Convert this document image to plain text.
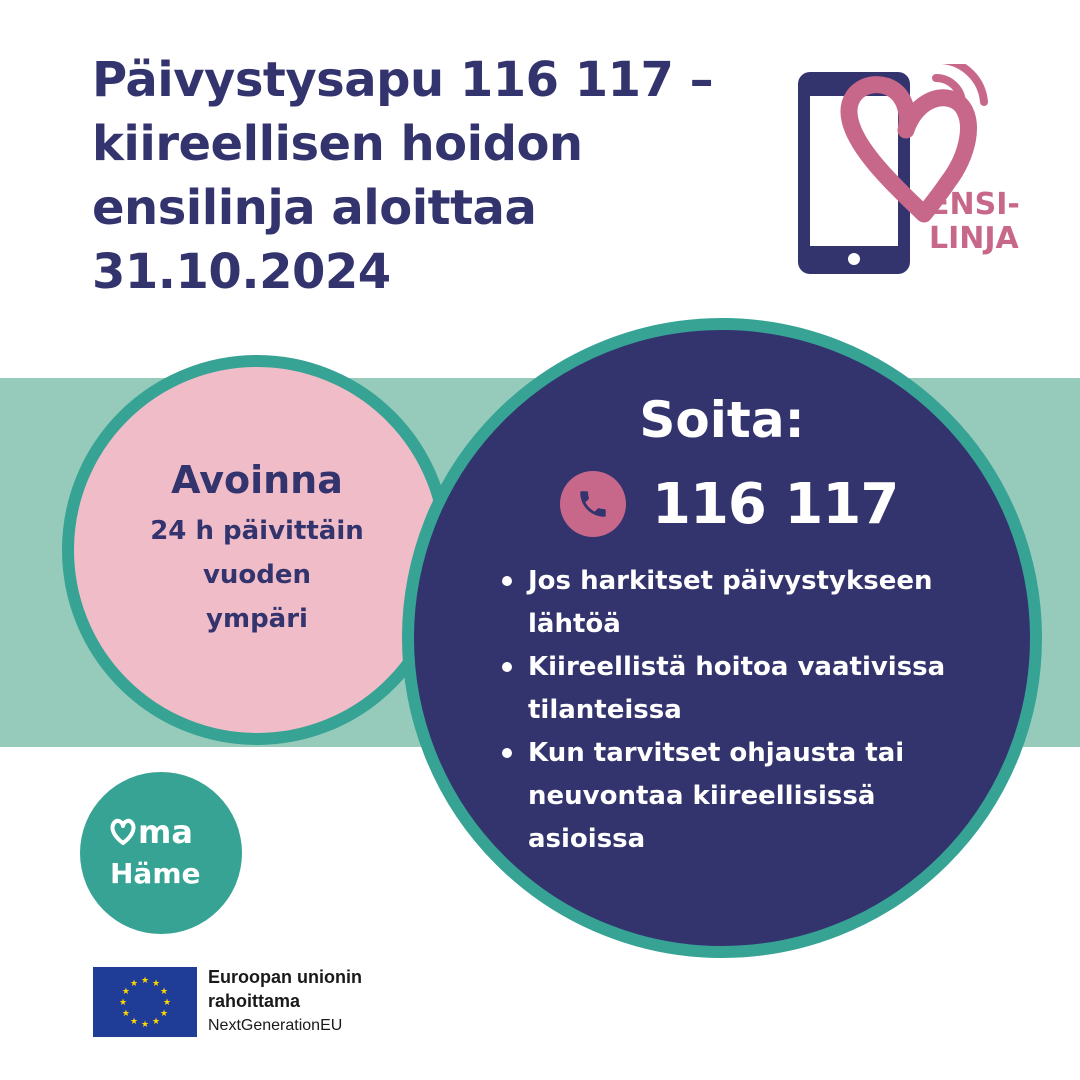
Päivystysapu 116 117 –
kiireellisen hoidon
ensilinja aloittaa
31.10.2024
ENSI-
LINJA
Avoinna
24 h päivittäin
vuoden
ympäri
Soita:
116 117
Jos harkitset päivystykseen lähtöä
Kiireellistä hoitoa vaativissa tilanteissa
Kun tarvitset ohjausta tai neuvontaa kiireellisissä asioissa
ma
Häme
★ ★
★
★
★
★
★
★
★
★
★
★	Euroopan unionin
rahoittama
NextGenerationEU
